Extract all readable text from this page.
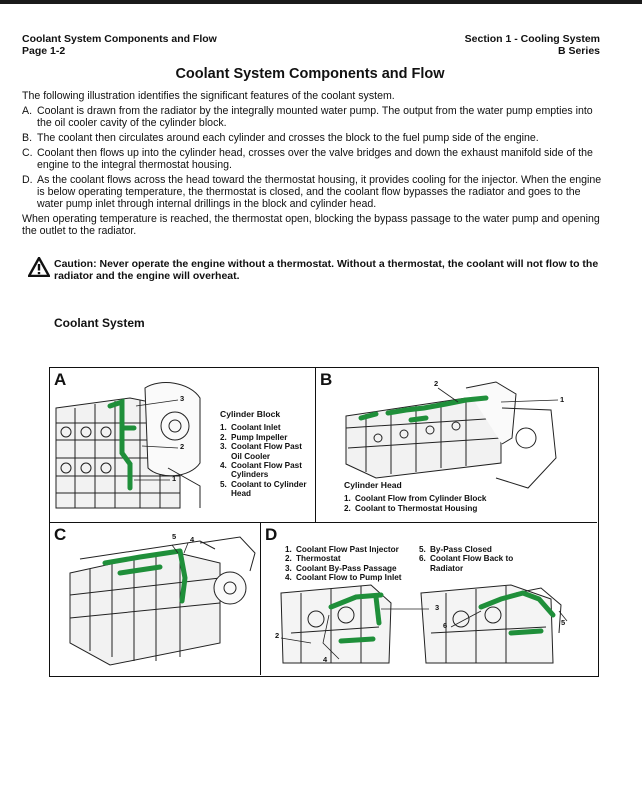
Coolant System Components and Flow
Page 1-2
Section 1 - Cooling System
B Series
Coolant System Components and Flow

The following illustration identifies the significant features of the coolant system.

A. Coolant is drawn from the radiator by the integrally mounted water pump. The output from the water pump empties into the oil cooler cavity of the cylinder block.
B. The coolant then circulates around each cylinder and crosses the block to the fuel pump side of the engine.
C. Coolant then flows up into the cylinder head, crosses over the valve bridges and down the exhaust manifold side of the engine to the integral thermostat housing.
D. As the coolant flows across the head toward the thermostat housing, it provides cooling for the injector. When the engine is below operating temperature, the thermostat is closed, and the coolant flow bypasses the radiator and goes to the water pump inlet through internal drillings in the block and cylinder head.

When operating temperature is reached, the thermostat open, blocking the bypass passage to the water pump and opening the outlet to the radiator.

Caution: Never operate the engine without a thermostat. Without a thermostat, the coolant will not flow to the radiator and the engine will overheat.
Coolant System
A
3
2
1
Cylinder Block
1. Coolant Inlet
2. Pump Impeller
3. Coolant Flow Past Oil Cooler
4. Coolant Flow Past Cylinders
5. Coolant to Cylinder Head
B	2
1
Cylinder Head
1. Coolant Flow from Cylinder Block
2. Coolant to Thermostat Housing
C	5 4	D
1. Coolant Flow Past Injector
2. Thermostat
3. Coolant By-Pass Passage
4. Coolant Flow to Pump Inlet
5. By-Pass Closed
6. Coolant Flow Back to Radiator
3
2
4
6	5
